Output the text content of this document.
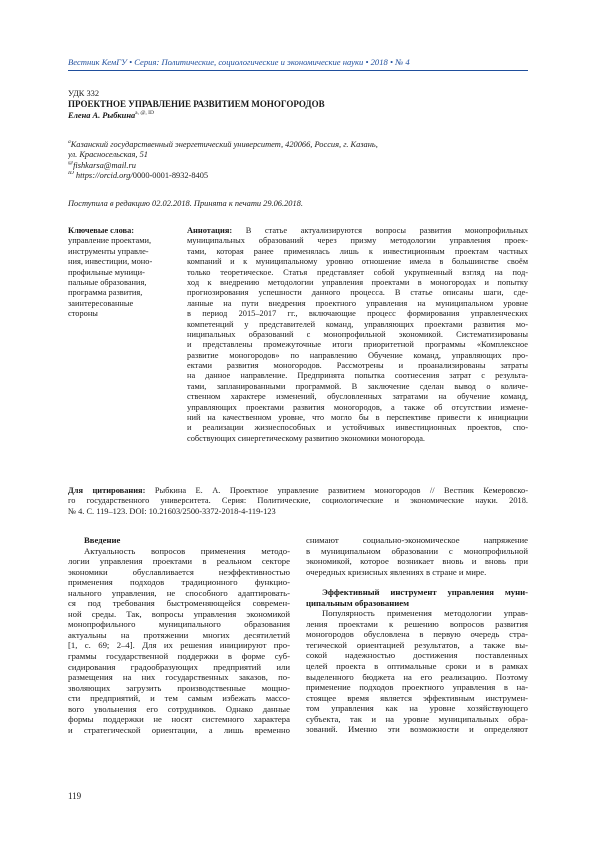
Вестник КемГУ • Серия: Политические, социологические и экономические науки • 2018 • № 4
УДК 332
ПРОЕКТНОЕ УПРАВЛЕНИЕ РАЗВИТИЕМ МОНОГОРОДОВ
Елена А. Рыбкина$^{a, @, ID}$
$^a$Казанский государственный энергетический университет, 420066, Россия, г. Казань,
ул. Красносельская, 51
@fishkarsa@mail.ru
$^{ID}$ https://orcid.org/0000-0001-8932-8405
Поступила в редакцию 02.02.2018. Принята к печати 29.06.2018.
Ключевые слова:
управление проектами,
инструменты управле-
ния, инвестиции, моно-
профильные муници-
пальные образования,
программа развития,
заинтересованные
стороны
Аннотация: В статье актуализируются вопросы развития монопрофильных
муниципальных образований через призму методологии управления проек-
тами, которая ранее применялась лишь к инвестиционным проектам частных
компаний и к муниципальному уровню отношение имела в большинстве своём
только теоретическое. Статья представляет собой укрупненный взгляд на под-
ход к внедрению методологии управления проектами в моногородах и попытку
прогнозирования успешности данного процесса. В статье описаны шаги, сде-
ланные на пути внедрения проектного управления на муниципальном уровне
в период 2015–2017 гг., включающие процесс формирования управленческих
компетенций у представителей команд, управляющих проектами развития мо-
ниципальных образований с монопрофильной экономикой. Систематизированы
и представлены промежуточные итоги приоритетной программы «Комплексное
развитие моногородов» по направлению Обучение команд, управляющих про-
ектами развития моногородов. Рассмотрены и проанализированы затраты
на данное направление. Предпринята попытка соотнесения затрат с результа-
тами, запланированными программой. В заключение сделан вывод о количе-
ственном характере изменений, обусловленных затратами на обучение команд,
управляющих проектами развития моногородов, а также об отсутствии измене-
ний на качественном уровне, что могло бы в перспективе привести к инициации
и реализации жизнеспособных и устойчивых инвестиционных проектов, спо-
собствующих синергетическому развитию экономики моногорода.
Для цитирования: Рыбкина Е. А. Проектное управление развитием моногородов // Вестник Кемеровско-
го государственного университета. Серия: Политические, социологические и экономические науки. 2018.
№ 4. С. 119–123. DOI: 10.21603/2500-3372-2018-4-119-123
Введение
Актуальность вопросов применения методо-
логии управления проектами в реальном секторе
экономики обуславливается неэффективностью
применения подходов традиционного функцио-
нального управления, не способного адаптировать-
ся под требования быстроменяющейся современ-
ной среды. Так, вопросы управления экономикой
монопрофильного муниципального образования
актуальны на протяжении многих десятилетий
[1, с. 69; 2–4]. Для их решения инициируют про-
граммы государственной поддержки в форме суб-
сидирования градообразующих предприятий или
размещения на них государственных заказов, по-
зволяющих загрузить производственные мощно-
сти предприятий, и тем самым избежать массо-
вого увольнения его сотрудников. Однако данные
формы поддержки не носят системного характера
и стратегической ориентации, а лишь временно
снимают социально-экономическое напряжение
в муниципальном образовании с монопрофильной
экономикой, которое возникает вновь и вновь при
очередных кризисных явлениях в стране и мире.
Эффективный инструмент управления муни-
ципальным образованием
Популярность применения методологии управ-
ления проектами к решению вопросов развития
моногородов обусловлена в первую очередь стра-
тегической ориентацией результатов, а также вы-
сокой надежностью достижения поставленных
целей проекта в оптимальные сроки и в рамках
выделенного бюджета на его реализацию. Поэтому
применение подходов проектного управления в на-
стоящее время является эффективным инструмен-
том управления как на уровне хозяйствующего
субъекта, так и на уровне муниципальных обра-
зований. Именно эти возможности и определяют
119
